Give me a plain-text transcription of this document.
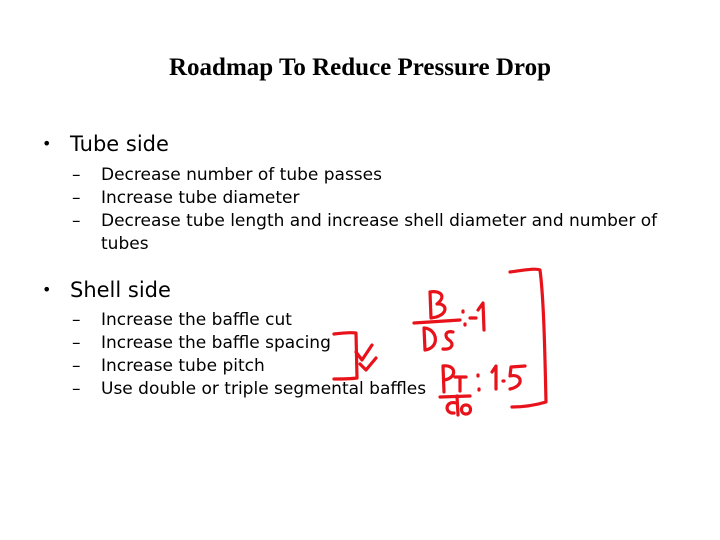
Roadmap To Reduce Pressure Drop
• Tube side
– Decrease number of tube passes
– Increase tube diameter
– Decrease tube length and increase shell diameter and number of tubes
• Shell side
– Increase the baffle cut
– Increase the baffle spacing
– Increase tube pitch
– Use double or triple segmental baffles
